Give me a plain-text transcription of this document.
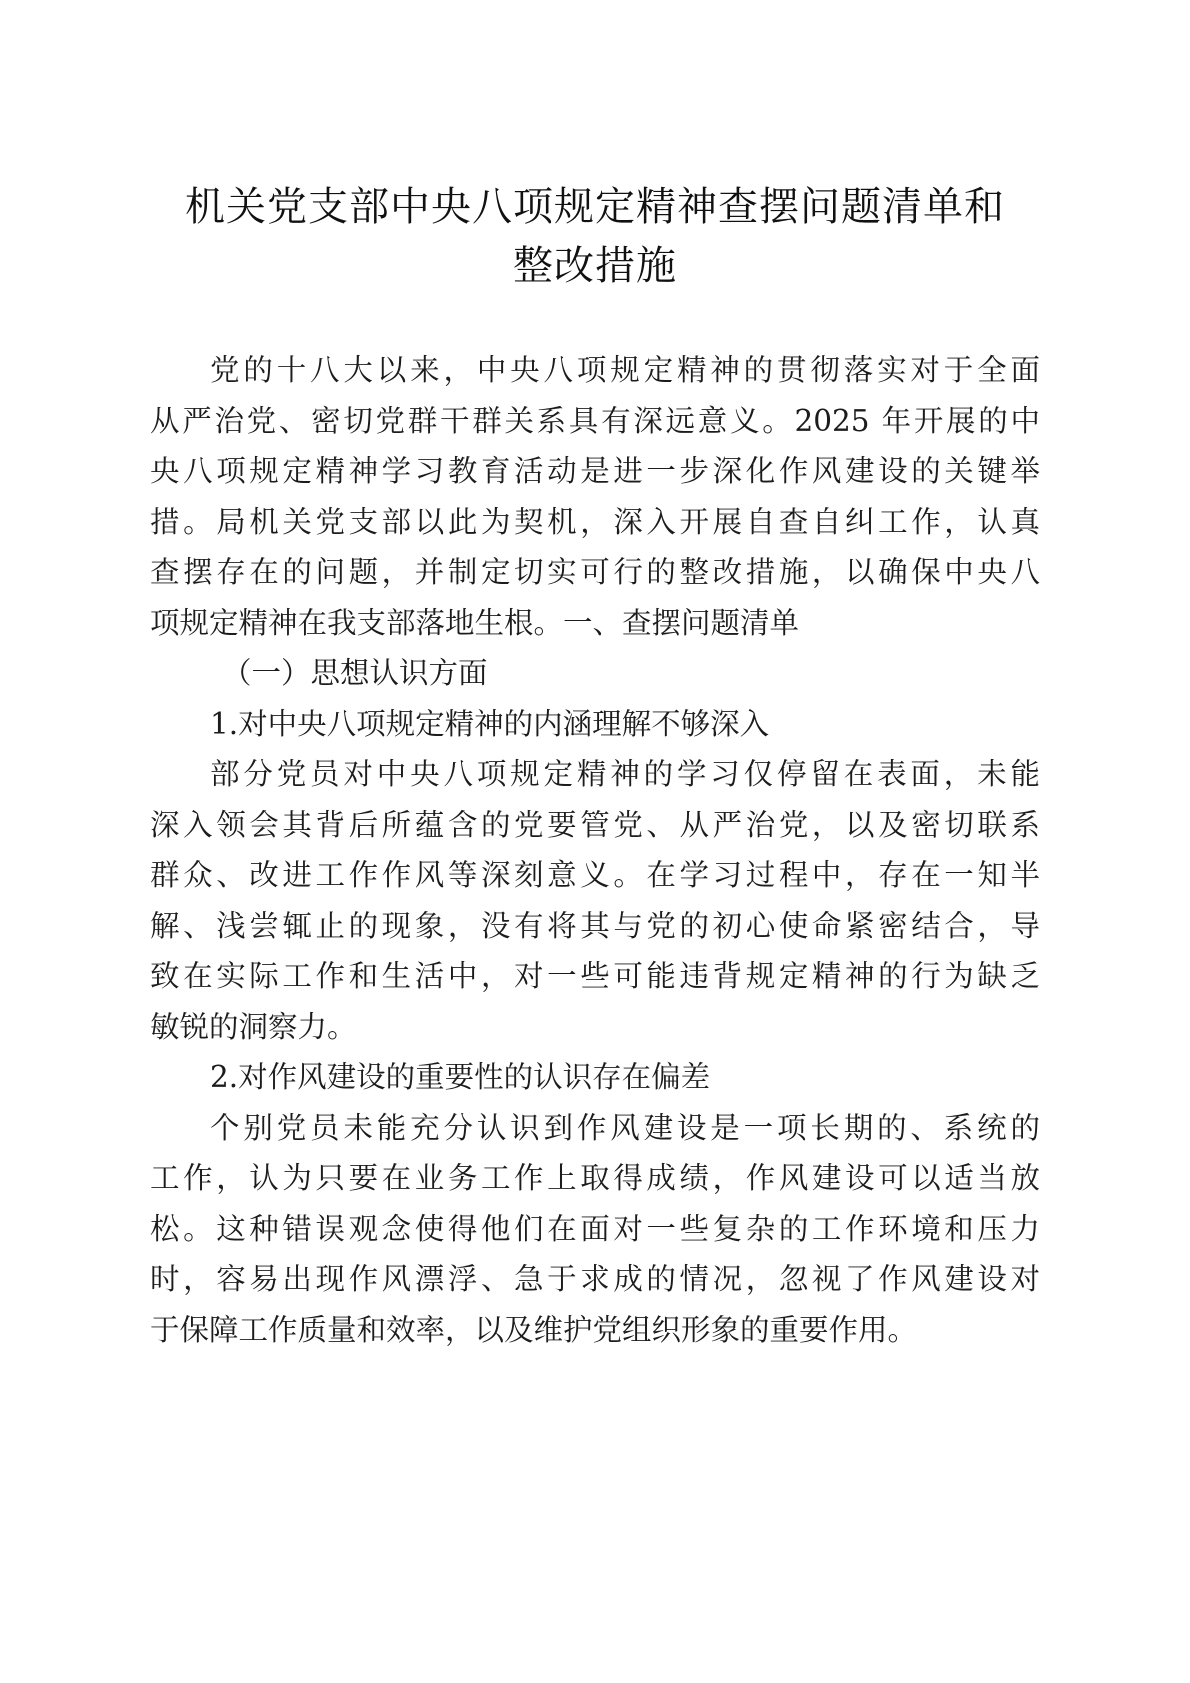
机关党支部中央八项规定精神查摆问题清单和
整改措施
党的十八大以来，中央八项规定精神的贯彻落实对于全面
从严治党、密切党群干群关系具有深远意义。2025 年开展的中
央八项规定精神学习教育活动是进一步深化作风建设的关键举
措。局机关党支部以此为契机，深入开展自查自纠工作，认真
查摆存在的问题，并制定切实可行的整改措施，以确保中央八
项规定精神在我支部落地生根。一、查摆问题清单
（一）思想认识方面
1.对中央八项规定精神的内涵理解不够深入
部分党员对中央八项规定精神的学习仅停留在表面，未能
深入领会其背后所蕴含的党要管党、从严治党，以及密切联系
群众、改进工作作风等深刻意义。在学习过程中，存在一知半
解、浅尝辄止的现象，没有将其与党的初心使命紧密结合，导
致在实际工作和生活中，对一些可能违背规定精神的行为缺乏
敏锐的洞察力。
2.对作风建设的重要性的认识存在偏差
个别党员未能充分认识到作风建设是一项长期的、系统的
工作，认为只要在业务工作上取得成绩，作风建设可以适当放
松。这种错误观念使得他们在面对一些复杂的工作环境和压力
时，容易出现作风漂浮、急于求成的情况，忽视了作风建设对
于保障工作质量和效率，以及维护党组织形象的重要作用。
